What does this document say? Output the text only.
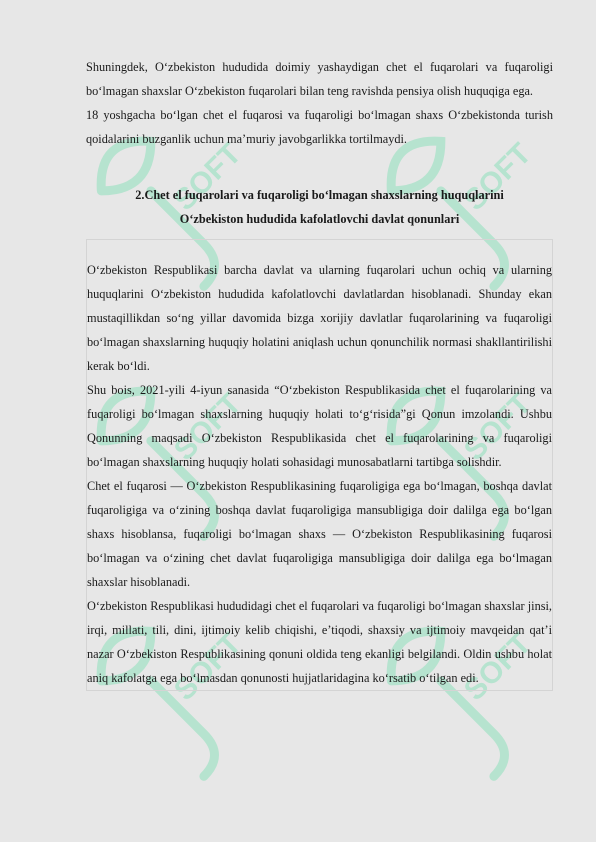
SOFT	SOFT
SOFT	SOFT
SOFT	SOFT

Shuningdek, O‘zbekiston hududida doimiy yashaydigan chet el fuqarolari va fuqaroligi bo‘lmagan shaxslar O‘zbekiston fuqarolari bilan teng ravishda pensiya olish huquqiga ega.

18 yoshgacha bo‘lgan chet el fuqarosi va fuqaroligi bo‘lmagan shaxs O‘zbekistonda turish qoidalarini buzganlik uchun ma’muriy javobgarlikka tortilmaydi.

2.Chet el fuqarolari va fuqaroligi bo‘lmagan shaxslarning huquqlarini
O‘zbekiston hududida kafolatlovchi davlat qonunlari

O‘zbekiston Respublikasi barcha davlat va ularning fuqarolari uchun ochiq va ularning huquqlarini O‘zbekiston hududida kafolatlovchi davlatlardan hisoblanadi. Shunday ekan mustaqillikdan so‘ng yillar davomida bizga xorijiy davlatlar fuqarolarining va fuqaroligi bo‘lmagan shaxslarning huquqiy holatini aniqlash uchun qonunchilik normasi shakllantirilishi kerak bo‘ldi.

Shu bois, 2021-yili 4-iyun sanasida “O‘zbekiston Respublikasida chet el fuqarolarining va fuqaroligi bo‘lmagan shaxslarning huquqiy holati to‘g‘risida”gi Qonun imzolandi. Ushbu Qonunning maqsadi O‘zbekiston Respublikasida chet el fuqarolarining va fuqaroligi bo‘lmagan shaxslarning huquqiy holati sohasidagi munosabatlarni tartibga solishdir.

Chet el fuqarosi — O‘zbekiston Respublikasining fuqaroligiga ega bo‘lmagan, boshqa davlat fuqaroligiga va o‘zining boshqa davlat fuqaroligiga mansubligiga doir dalilga ega bo‘lgan shaxs hisoblansa, fuqaroligi bo‘lmagan shaxs — O‘zbekiston Respublikasining fuqarosi bo‘lmagan va o‘zining chet davlat fuqaroligiga mansubligiga doir dalilga ega bo‘lmagan shaxslar hisoblanadi.

O‘zbekiston Respublikasi hududidagi chet el fuqarolari va fuqaroligi bo‘lmagan shaxslar jinsi, irqi, millati, tili, dini, ijtimoiy kelib chiqishi, e’tiqodi, shaxsiy va ijtimoiy mavqeidan qat’i nazar O‘zbekiston Respublikasining qonuni oldida teng ekanligi belgilandi. Oldin ushbu holat aniq kafolatga ega bo‘lmasdan qonunosti hujjatlaridagina ko‘rsatib o‘tilgan edi.
